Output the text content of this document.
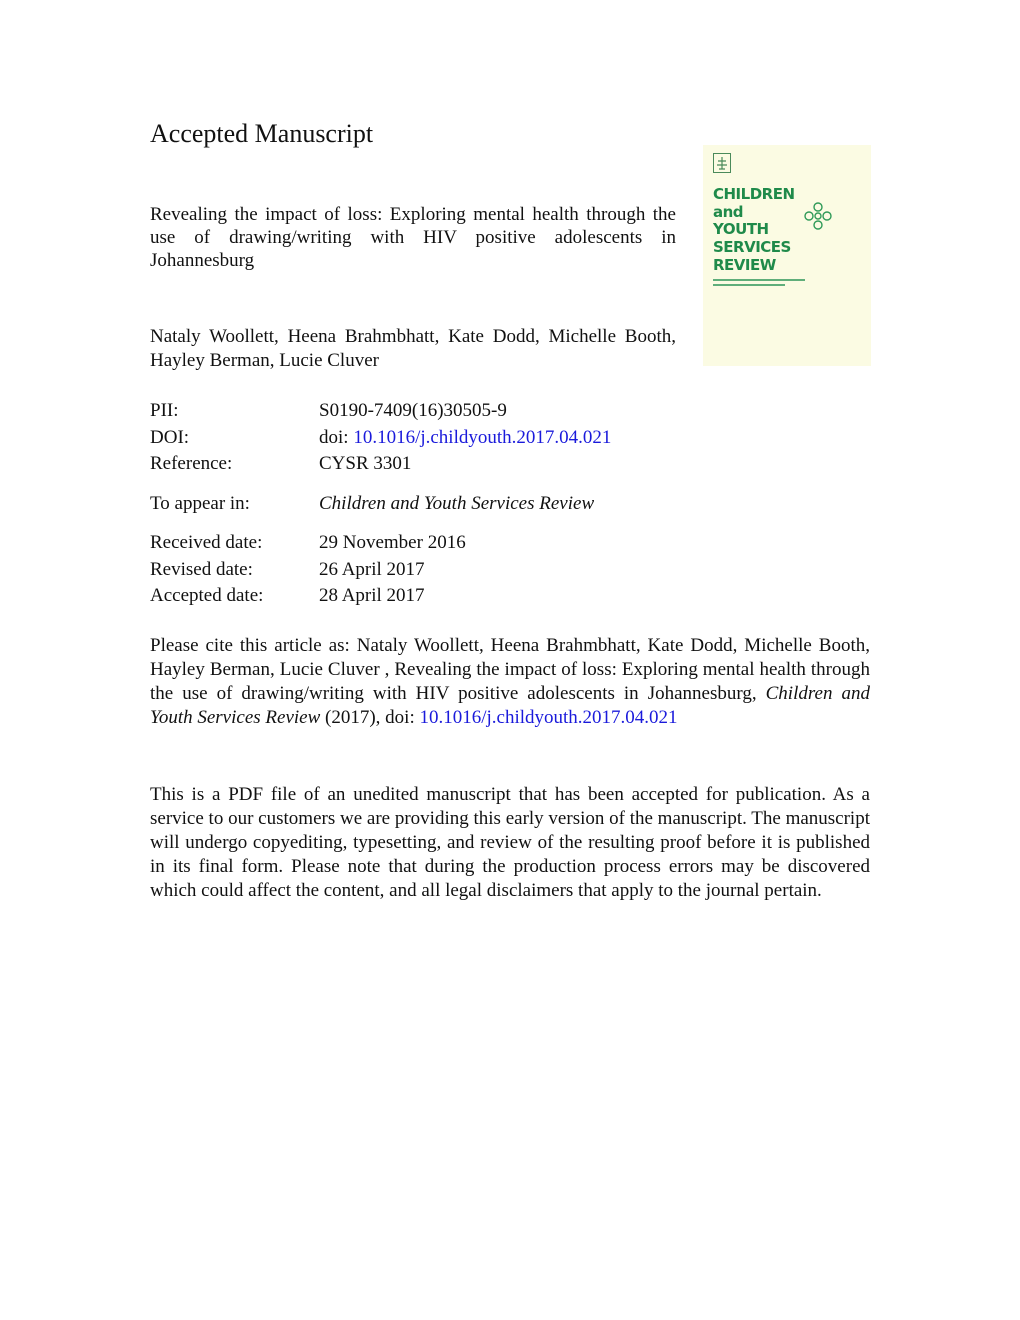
Accepted Manuscript

Revealing the impact of loss: Exploring mental health through the use of drawing/writing with HIV positive adolescents in Johannesburg

Nataly Woollett, Heena Brahmbhatt, Kate Dodd, Michelle Booth, Hayley Berman, Lucie Cluver

CHILDREN
and
YOUTH
SERVICES
REVIEW
PII:	S0190-7409(16)30505-9
DOI:	doi: 10.1016/j.childyouth.2017.04.021
Reference:	CYSR 3301
To appear in:	Children and Youth Services Review
Received date:	29 November 2016
Revised date:	26 April 2017
Accepted date:	28 April 2017

Please cite this article as: Nataly Woollett, Heena Brahmbhatt, Kate Dodd, Michelle Booth, Hayley Berman, Lucie Cluver , Revealing the impact of loss: Exploring mental health through the use of drawing/writing with HIV positive adolescents in Johannesburg, Children and Youth Services Review (2017), doi: 10.1016/j.childyouth.2017.04.021

This is a PDF file of an unedited manuscript that has been accepted for publication. As a service to our customers we are providing this early version of the manuscript. The manuscript will undergo copyediting, typesetting, and review of the resulting proof before it is published in its final form. Please note that during the production process errors may be discovered which could affect the content, and all legal disclaimers that apply to the journal pertain.
